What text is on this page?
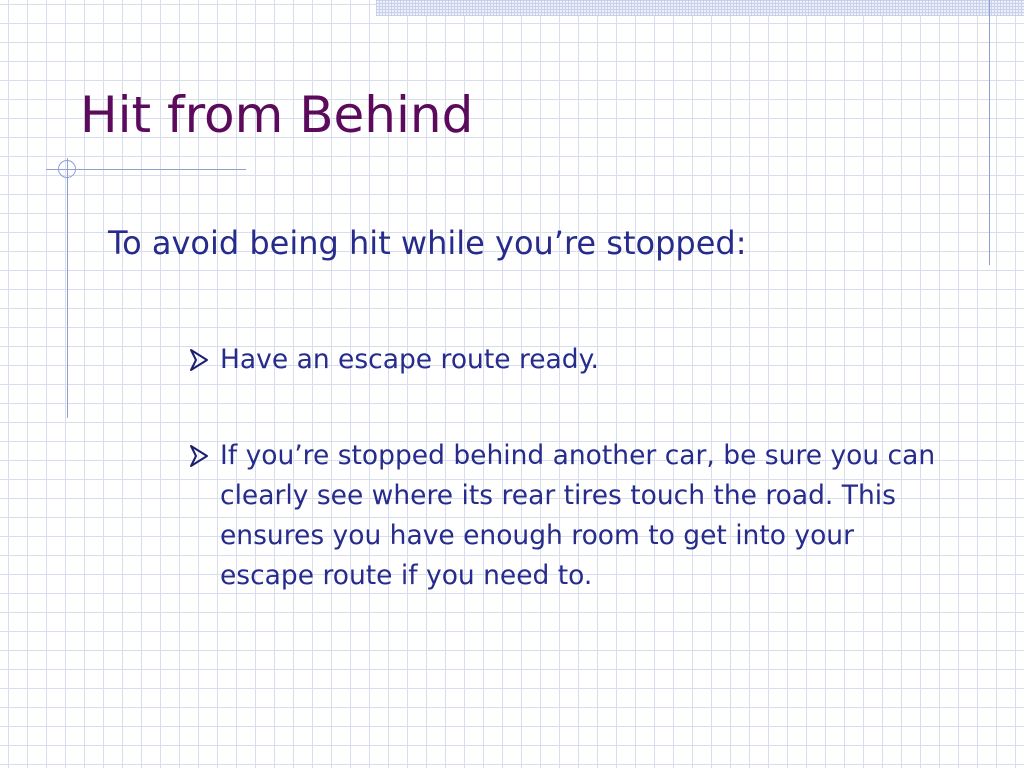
Hit from Behind

To avoid being hit while you’re stopped:

Have an escape route ready.
If you’re stopped behind another car, be sure you can clearly see where its rear tires touch the road. This ensures you have enough room to get into your escape route if you need to.
